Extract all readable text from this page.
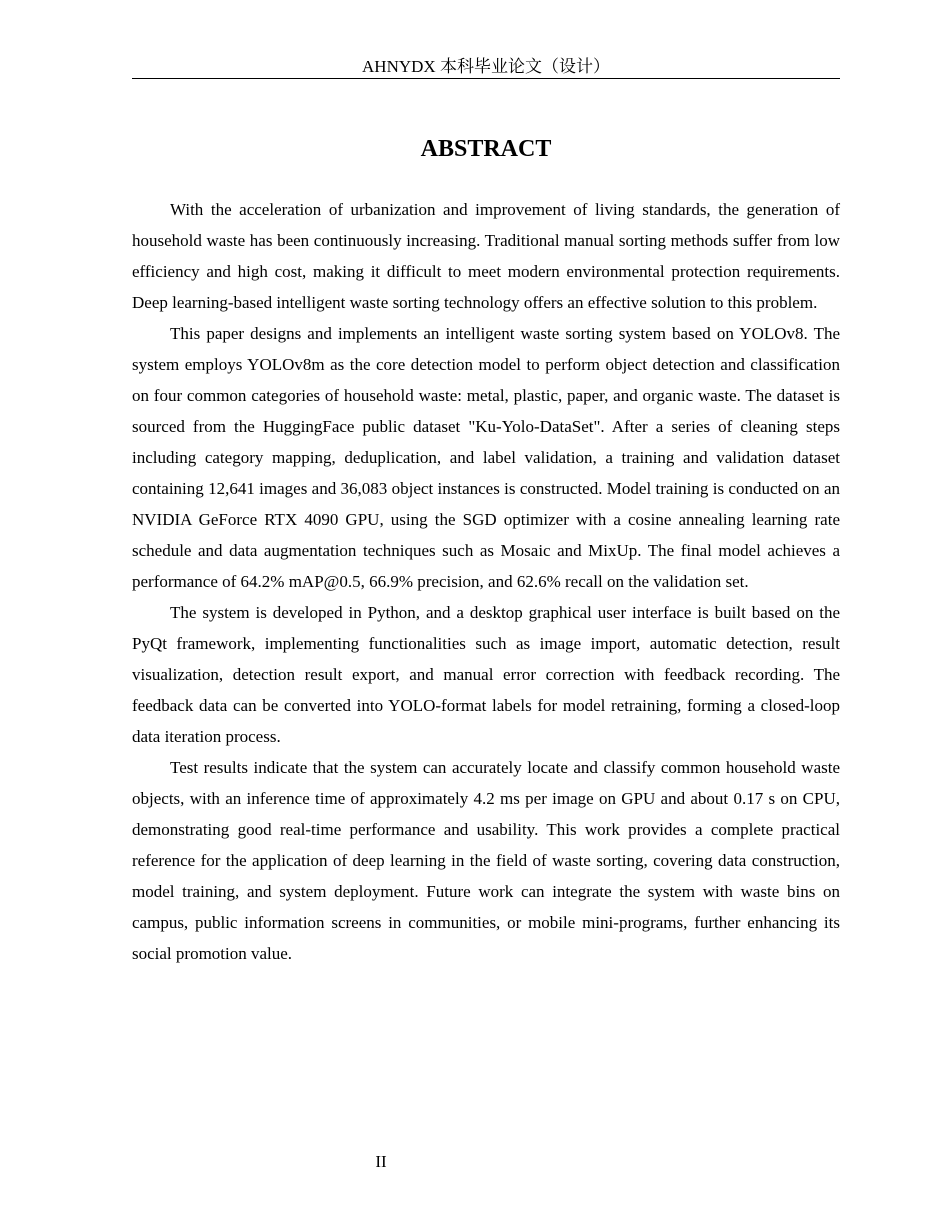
AHNYDX 本科毕业论文（设计）
ABSTRACT

With the acceleration of urbanization and improvement of living standards, the generation of household waste has been continuously increasing. Traditional manual sorting methods suffer from low efficiency and high cost, making it difficult to meet modern environmental protection requirements. Deep learning-based intelligent waste sorting technology offers an effective solution to this problem.

This paper designs and implements an intelligent waste sorting system based on YOLOv8. The system employs YOLOv8m as the core detection model to perform object detection and classification on four common categories of household waste: metal, plastic, paper, and organic waste. The dataset is sourced from the HuggingFace public dataset "Ku-Yolo-DataSet". After a series of cleaning steps including category mapping, deduplication, and label validation, a training and validation dataset containing 12,641 images and 36,083 object instances is constructed. Model training is conducted on an NVIDIA GeForce RTX 4090 GPU, using the SGD optimizer with a cosine annealing learning rate schedule and data augmentation techniques such as Mosaic and MixUp. The final model achieves a performance of 64.2% mAP@0.5, 66.9% precision, and 62.6% recall on the validation set.

The system is developed in Python, and a desktop graphical user interface is built based on the PyQt framework, implementing functionalities such as image import, automatic detection, result visualization, detection result export, and manual error correction with feedback recording. The feedback data can be converted into YOLO-format labels for model retraining, forming a closed-loop data iteration process.

Test results indicate that the system can accurately locate and classify common household waste objects, with an inference time of approximately 4.2 ms per image on GPU and about 0.17 s on CPU, demonstrating good real-time performance and usability. This work provides a complete practical reference for the application of deep learning in the field of waste sorting, covering data construction, model training, and system deployment. Future work can integrate the system with waste bins on campus, public information screens in communities, or mobile mini-programs, further enhancing its social promotion value.

II
